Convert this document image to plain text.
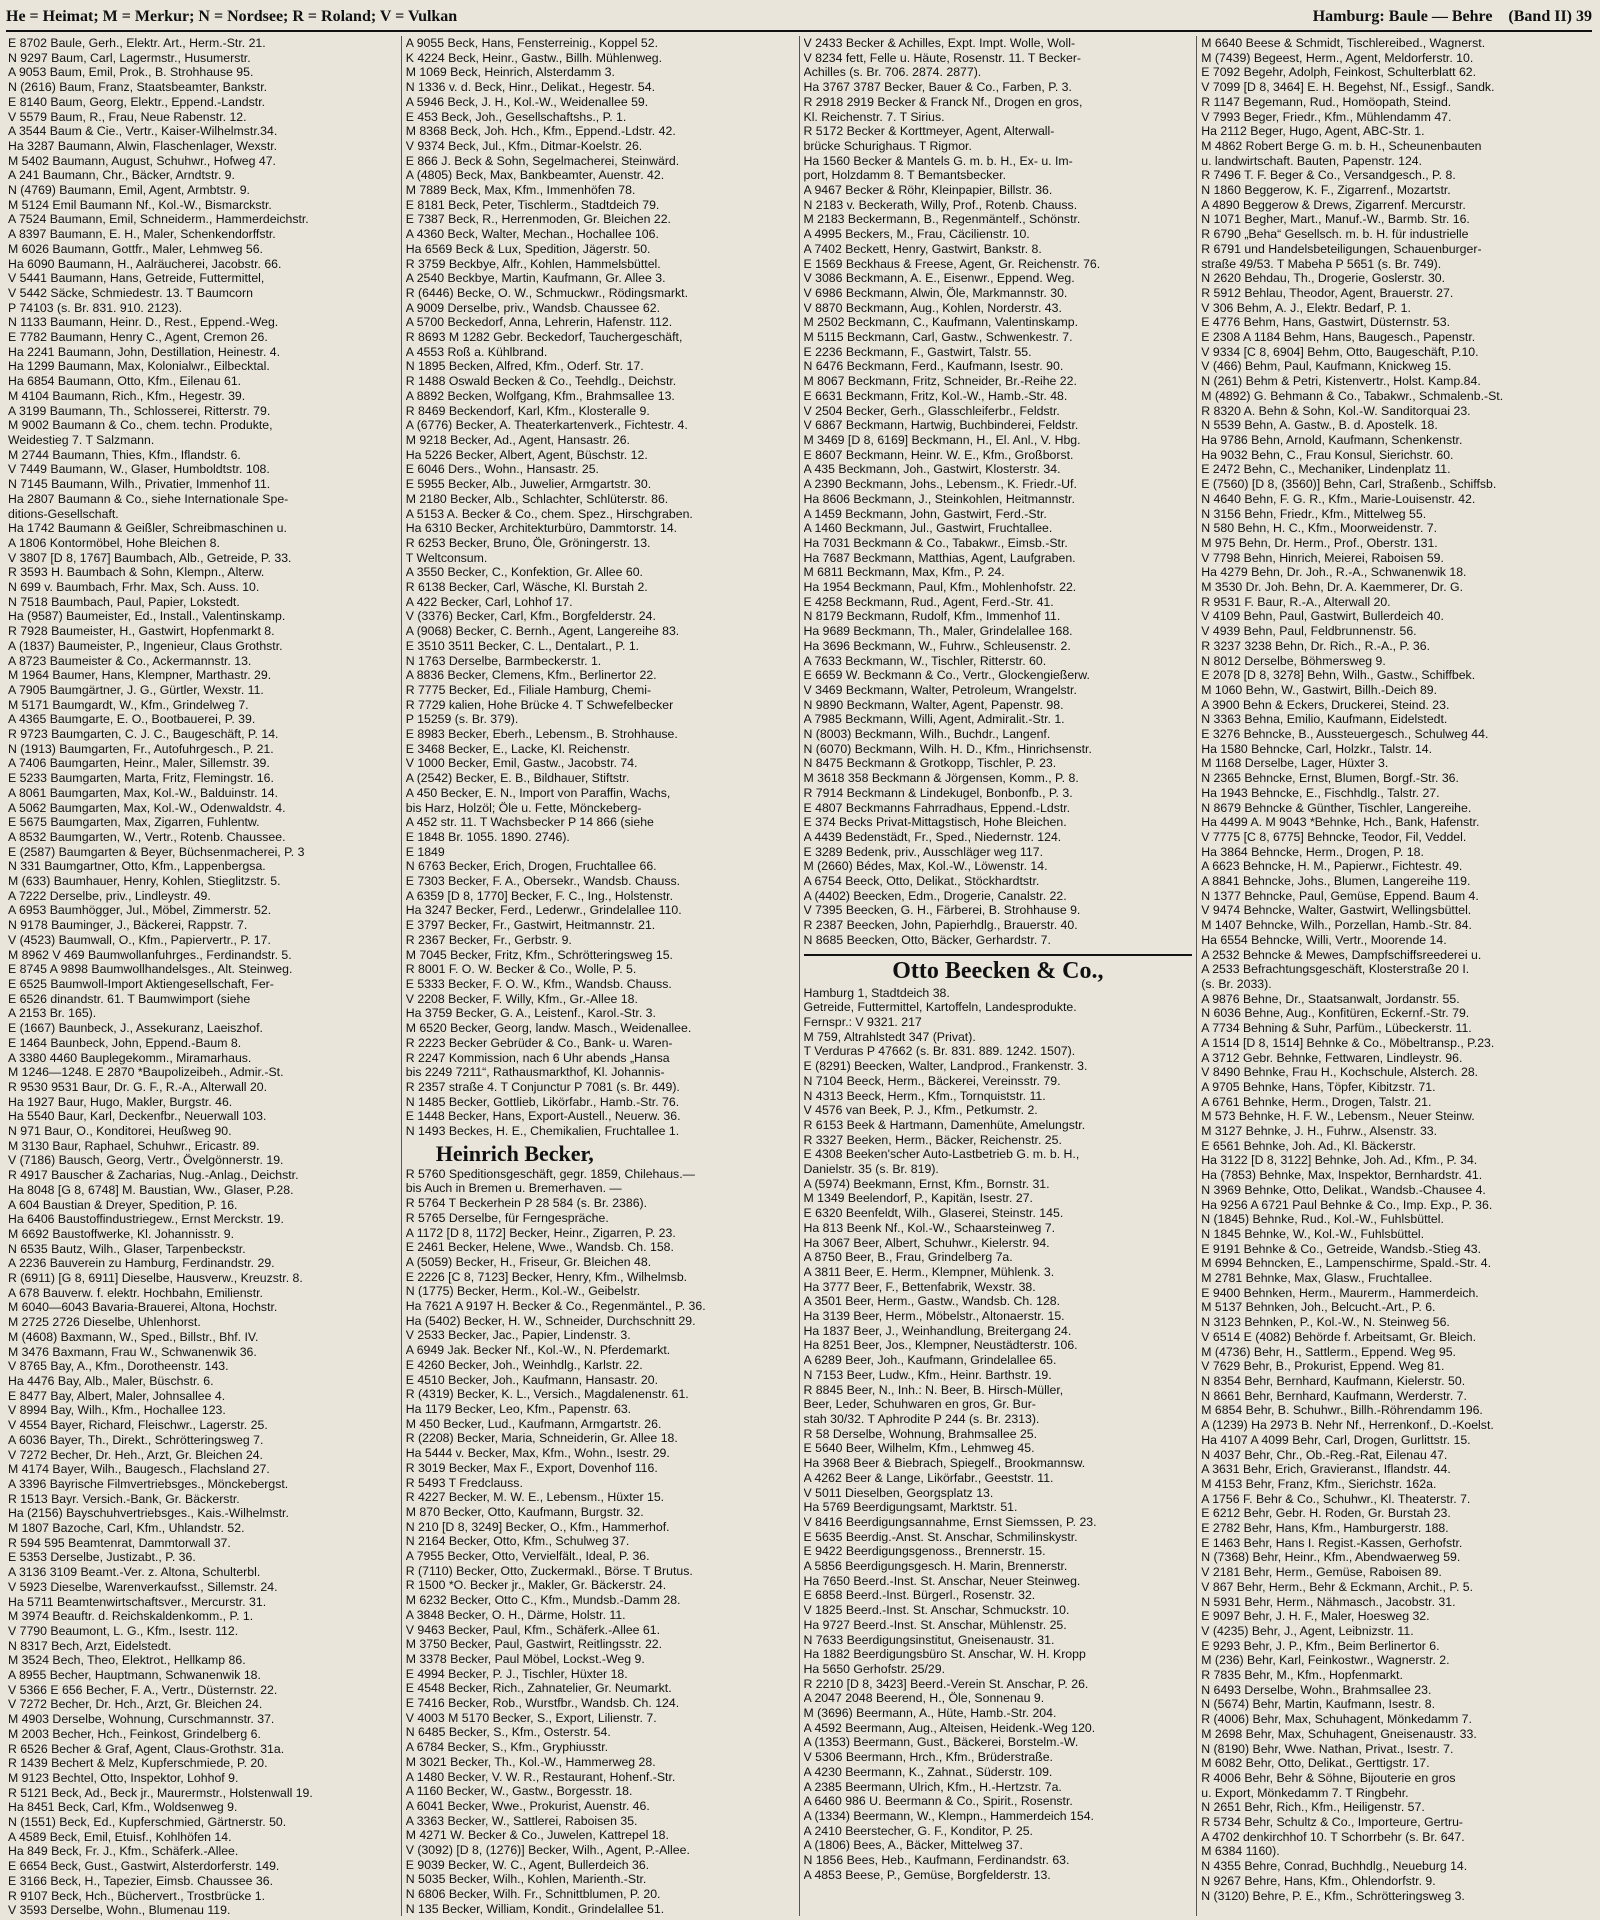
He = Heimat; M = Merkur; N = Nordsee; R = Roland; V = Vulkan	Hamburg: Baule — Behre (Band II) 39
E 8702 Baule, Gerh., Elektr. Art., Herm.-Str. 21.
N 9297 Baum, Carl, Lagermstr., Husumerstr.
A 9053 Baum, Emil, Prok., B. Strohhause 95.
N (2616) Baum, Franz, Staatsbeamter, Bankstr.
E 8140 Baum, Georg, Elektr., Eppend.-Landstr.
V 5579 Baum, R., Frau, Neue Rabenstr. 12.
A 3544 Baum & Cie., Vertr., Kaiser-Wilhelmstr.34.
Ha 3287 Baumann, Alwin, Flaschenlager, Wexstr.
M 5402 Baumann, August, Schuhwr., Hofweg 47.
A 241 Baumann, Chr., Bäcker, Arndtstr. 9.
N (4769) Baumann, Emil, Agent, Armbtstr. 9.
M 5124 Emil Baumann Nf., Kol.-W., Bismarckstr.
A 7524 Baumann, Emil, Schneiderm., Hammerdeichstr.
A 8397 Baumann, E. H., Maler, Schenkendorffstr.
M 6026 Baumann, Gottfr., Maler, Lehmweg 56.
Ha 6090 Baumann, H., Aalräucherei, Jacobstr. 66.
V 5441 Baumann, Hans, Getreide, Futtermittel,
V 5442 Säcke, Schmiedestr. 13. T Baumcorn
P 74103 (s. Br. 831. 910. 2123).
N 1133 Baumann, Heinr. D., Rest., Eppend.-Weg.
E 7782 Baumann, Henry C., Agent, Cremon 26.
Ha 2241 Baumann, John, Destillation, Heinestr. 4.
Ha 1299 Baumann, Max, Kolonialwr., Eilbecktal.
Ha 6854 Baumann, Otto, Kfm., Eilenau 61.
M 4104 Baumann, Rich., Kfm., Hegestr. 39.
A 3199 Baumann, Th., Schlosserei, Ritterstr. 79.
M 9002 Baumann & Co., chem. techn. Produkte,
Weidestieg 7. T Salzmann.
M 2744 Baumann, Thies, Kfm., Iflandstr. 6.
V 7449 Baumann, W., Glaser, Humboldtstr. 108.
N 7145 Baumann, Wilh., Privatier, Immenhof 11.
Ha 2807 Baumann & Co., siehe Internationale Spe-
ditions-Gesellschaft.
Ha 1742 Baumann & Geißler, Schreibmaschinen u.
A 1806 Kontormöbel, Hohe Bleichen 8.
V 3807 [D 8, 1767] Baumbach, Alb., Getreide, P. 33.
R 3593 H. Baumbach & Sohn, Klempn., Alterw.
N 699 v. Baumbach, Frhr. Max, Sch. Auss. 10.
N 7518 Baumbach, Paul, Papier, Lokstedt.
Ha (9587) Baumeister, Ed., Install., Valentinskamp.
R 7928 Baumeister, H., Gastwirt, Hopfenmarkt 8.
A (1837) Baumeister, P., Ingenieur, Claus Grothstr.
A 8723 Baumeister & Co., Ackermannstr. 13.
M 1964 Baumer, Hans, Klempner, Marthastr. 29.
A 7905 Baumgärtner, J. G., Gürtler, Wexstr. 11.
M 5171 Baumgardt, W., Kfm., Grindelweg 7.
A 4365 Baumgarte, E. O., Bootbauerei, P. 39.
R 9723 Baumgarten, C. J. C., Baugeschäft, P. 14.
N (1913) Baumgarten, Fr., Autofuhrgesch., P. 21.
A 7406 Baumgarten, Heinr., Maler, Sillemstr. 39.
E 5233 Baumgarten, Marta, Fritz, Flemingstr. 16.
A 8061 Baumgarten, Max, Kol.-W., Balduinstr. 14.
A 5062 Baumgarten, Max, Kol.-W., Odenwaldstr. 4.
E 5675 Baumgarten, Max, Zigarren, Fuhlentw.
A 8532 Baumgarten, W., Vertr., Rotenb. Chaussee.
E (2587) Baumgarten & Beyer, Büchsenmacherei, P. 3
N 331 Baumgartner, Otto, Kfm., Lappenbergsa.
M (633) Baumhauer, Henry, Kohlen, Stieglitzstr. 5.
A 7222 Derselbe, priv., Lindleystr. 49.
A 6953 Baumhögger, Jul., Möbel, Zimmerstr. 52.
N 9178 Bauminger, J., Bäckerei, Rappstr. 7.
V (4523) Baumwall, O., Kfm., Papiervertr., P. 17.
M 8962 V 469 Baumwollanfuhrges., Ferdinandstr. 5.
E 8745 A 9898 Baumwollhandelsges., Alt. Steinweg.
E 6525 Baumwoll-Import Aktiengesellschaft, Fer-
E 6526 dinandstr. 61. T Baumwimport (siehe
A 2153 Br. 165).
E (1667) Baunbeck, J., Assekuranz, Laeiszhof.
E 1464 Baunbeck, John, Eppend.-Baum 8.
A 3380 4460 Bauplegekomm., Miramarhaus.
M 1246—1248. E 2870 *Baupolizeibeh., Admir.-St.
R 9530 9531 Baur, Dr. G. F., R.-A., Alterwall 20.
Ha 1927 Baur, Hugo, Makler, Burgstr. 46.
Ha 5540 Baur, Karl, Deckenfbr., Neuerwall 103.
N 971 Baur, O., Konditorei, Heußweg 90.
M 3130 Baur, Raphael, Schuhwr., Ericastr. 89.
V (7186) Bausch, Georg, Vertr., Övelgönnerstr. 19.
R 4917 Bauscher & Zacharias, Nug.-Anlag., Deichstr.
Ha 8048 [G 8, 6748] M. Baustian, Ww., Glaser, P.28.
A 604 Baustian & Dreyer, Spedition, P. 16.
Ha 6406 Baustoffindustriegew., Ernst Merckstr. 19.
M 6692 Baustoffwerke, Kl. Johannisstr. 9.
N 6535 Bautz, Wilh., Glaser, Tarpenbeckstr.
A 2236 Bauverein zu Hamburg, Ferdinandstr. 29.
R (6911) [G 8, 6911] Dieselbe, Hausverw., Kreuzstr. 8.
A 678 Bauverw. f. elektr. Hochbahn, Emilienstr.
M 6040—6043 Bavaria-Brauerei, Altona, Hochstr.
M 2725 2726 Dieselbe, Uhlenhorst.
M (4608) Baxmann, W., Sped., Billstr., Bhf. IV.
M 3476 Baxmann, Frau W., Schwanenwik 36.
V 8765 Bay, A., Kfm., Dorotheenstr. 143.
Ha 4476 Bay, Alb., Maler, Büschstr. 6.
E 8477 Bay, Albert, Maler, Johnsallee 4.
V 8994 Bay, Wilh., Kfm., Hochallee 123.
V 4554 Bayer, Richard, Fleischwr., Lagerstr. 25.
A 6036 Bayer, Th., Direkt., Schrötteringsweg 7.
V 7272 Becher, Dr. Heh., Arzt, Gr. Bleichen 24.
M 4174 Bayer, Wilh., Baugesch., Flachsland 27.
A 3396 Bayrische Filmvertriebsges., Mönckebergst.
R 1513 Bayr. Versich.-Bank, Gr. Bäckerstr.
Ha (2156) Bayschuhvertriebsges., Kais.-Wilhelmstr.
M 1807 Bazoche, Carl, Kfm., Uhlandstr. 52.
R 594 595 Beamtenrat, Dammtorwall 37.
E 5353 Derselbe, Justizabt., P. 36.
A 3136 3109 Beamt.-Ver. z. Altona, Schulterbl.
V 5923 Dieselbe, Warenverkaufsst., Sillemstr. 24.
Ha 5711 Beamtenwirtschaftsver., Mercurstr. 31.
M 3974 Beauftr. d. Reichskaldenkomm., P. 1.
V 7790 Beaumont, L. G., Kfm., Isestr. 112.
N 8317 Bech, Arzt, Eidelstedt.
M 3524 Bech, Theo, Elektrot., Hellkamp 86.
A 8955 Becher, Hauptmann, Schwanenwik 18.
V 5366 E 656 Becher, F. A., Vertr., Düsternstr. 22.
V 7272 Becher, Dr. Hch., Arzt, Gr. Bleichen 24.
M 4903 Derselbe, Wohnung, Curschmannstr. 37.
M 2003 Becher, Hch., Feinkost, Grindelberg 6.
R 6526 Becher & Graf, Agent, Claus-Grothstr. 31a.
R 1439 Bechert & Melz, Kupferschmiede, P. 20.
M 9123 Bechtel, Otto, Inspektor, Lohhof 9.
R 5121 Beck, Ad., Beck jr., Maurermstr., Holstenwall 19.
Ha 8451 Beck, Carl, Kfm., Woldsenweg 9.
N (1551) Beck, Ed., Kupferschmied, Gärtnerstr. 50.
A 4589 Beck, Emil, Etuisf., Kohlhöfen 14.
Ha 849 Beck, Fr. J., Kfm., Schäferk.-Allee.
E 6654 Beck, Gust., Gastwirt, Alsterdorferstr. 149.
E 3166 Beck, H., Tapezier, Eimsb. Chaussee 36.
R 9107 Beck, Hch., Büchervert., Trostbrücke 1.
V 3593 Derselbe, Wohn., Blumenau 119.
A 9055 Beck, Hans, Fensterreinig., Koppel 52.
K 4224 Beck, Heinr., Gastw., Billh. Mühlenweg.
M 1069 Beck, Heinrich, Alsterdamm 3.
N 1336 v. d. Beck, Hinr., Delikat., Hegestr. 54.
A 5946 Beck, J. H., Kol.-W., Weidenallee 59.
E 453 Beck, Joh., Gesellschaftshs., P. 1.
M 8368 Beck, Joh. Hch., Kfm., Eppend.-Ldstr. 42.
V 9374 Beck, Jul., Kfm., Ditmar-Koelstr. 26.
E 866 J. Beck & Sohn, Segelmacherei, Steinwärd.
A (4805) Beck, Max, Bankbeamter, Auenstr. 42.
M 7889 Beck, Max, Kfm., Immenhöfen 78.
E 8181 Beck, Peter, Tischlerm., Stadtdeich 79.
E 7387 Beck, R., Herrenmoden, Gr. Bleichen 22.
A 4360 Beck, Walter, Mechan., Hochallee 106.
Ha 6569 Beck & Lux, Spedition, Jägerstr. 50.
R 3759 Beckbye, Alfr., Kohlen, Hammelsbüttel.
A 2540 Beckbye, Martin, Kaufmann, Gr. Allee 3.
R (6446) Becke, O. W., Schmuckwr., Rödingsmarkt.
A 9009 Derselbe, priv., Wandsb. Chaussee 62.
A 5700 Beckedorf, Anna, Lehrerin, Hafenstr. 112.
R 8693 M 1282 Gebr. Beckedorf, Tauchergeschäft,
A 4553 Roß a. Kühlbrand.
N 1895 Becken, Alfred, Kfm., Oderf. Str. 17.
R 1488 Oswald Becken & Co., Teehdlg., Deichstr.
A 8892 Becken, Wolfgang, Kfm., Brahmsallee 13.
R 8469 Beckendorf, Karl, Kfm., Klosteralle 9.
A (6776) Becker, A. Theaterkartenverk., Fichtestr. 4.
M 9218 Becker, Ad., Agent, Hansastr. 26.
Ha 5226 Becker, Albert, Agent, Büschstr. 12.
E 6046 Ders., Wohn., Hansastr. 25.
E 5955 Becker, Alb., Juwelier, Armgartstr. 30.
M 2180 Becker, Alb., Schlachter, Schlüterstr. 86.
A 5153 A. Becker & Co., chem. Spez., Hirschgraben.
Ha 6310 Becker, Architekturbüro, Dammtorstr. 14.
R 6253 Becker, Bruno, Öle, Gröningerstr. 13.
T Weltconsum.
A 3550 Becker, C., Konfektion, Gr. Allee 60.
R 6138 Becker, Carl, Wäsche, Kl. Burstah 2.
A 422 Becker, Carl, Lohhof 17.
V (3376) Becker, Carl, Kfm., Borgfelderstr. 24.
A (9068) Becker, C. Bernh., Agent, Langereihe 83.
E 3510 3511 Becker, C. L., Dentalart., P. 1.
N 1763 Derselbe, Barmbeckerstr. 1.
A 8836 Becker, Clemens, Kfm., Berlinertor 22.
R 7775 Becker, Ed., Filiale Hamburg, Chemi-
R 7729 kalien, Hohe Brücke 4. T Schwefelbecker
P 15259 (s. Br. 379).
E 8983 Becker, Eberh., Lebensm., B. Strohhause.
E 3468 Becker, E., Lacke, Kl. Reichenstr.
V 1000 Becker, Emil, Gastw., Jacobstr. 74.
A (2542) Becker, E. B., Bildhauer, Stiftstr.
A 450 Becker, E. N., Import von Paraffin, Wachs,
bis Harz, Holzöl; Öle u. Fette, Mönckeberg-
A 452 str. 11. T Wachsbecker P 14 866 (siehe
E 1848 Br. 1055. 1890. 2746).
E 1849
N 6763 Becker, Erich, Drogen, Fruchtallee 66.
E 7303 Becker, F. A., Obersekr., Wandsb. Chauss.
A 6359 [D 8, 1770] Becker, F. C., Ing., Holstenstr.
Ha 3247 Becker, Ferd., Lederwr., Grindelallee 110.
E 3797 Becker, Fr., Gastwirt, Heitmannstr. 21.
R 2367 Becker, Fr., Gerbstr. 9.
M 7045 Becker, Fritz, Kfm., Schrötteringsweg 15.
R 8001 F. O. W. Becker & Co., Wolle, P. 5.
E 5333 Becker, F. O. W., Kfm., Wandsb. Chauss.
V 2208 Becker, F. Willy, Kfm., Gr.-Allee 18.
Ha 3759 Becker, G. A., Leistenf., Karol.-Str. 3.
M 6520 Becker, Georg, landw. Masch., Weidenallee.
R 2223 Becker Gebrüder & Co., Bank- u. Waren-
R 2247 Kommission, nach 6 Uhr abends „Hansa
bis 2249 7211“, Rathausmarkthof, Kl. Johannis-
R 2357 straße 4. T Conjunctur P 7081 (s. Br. 449).
N 1485 Becker, Gottlieb, Likörfabr., Hamb.-Str. 76.
E 1448 Becker, Hans, Export-Austell., Neuerw. 36.
N 1493 Beckes, H. E., Chemikalien, Fruchtallee 1.
Heinrich Becker,
R 5760 Speditionsgeschäft, gegr. 1859, Chilehaus.—
bis Auch in Bremen u. Bremerhaven. —
R 5764 T Beckerhein P 28 584 (s. Br. 2386).
R 5765 Derselbe, für Ferngespräche.
A 1172 [D 8, 1172] Becker, Heinr., Zigarren, P. 23.
E 2461 Becker, Helene, Wwe., Wandsb. Ch. 158.
A (5059) Becker, H., Friseur, Gr. Bleichen 48.
E 2226 [C 8, 7123] Becker, Henry, Kfm., Wilhelmsb.
N (1775) Becker, Herm., Kol.-W., Geibelstr.
Ha 7621 A 9197 H. Becker & Co., Regenmäntel., P. 36.
Ha (5402) Becker, H. W., Schneider, Durchschnitt 29.
V 2533 Becker, Jac., Papier, Lindenstr. 3.
A 6949 Jak. Becker Nf., Kol.-W., N. Pferdemarkt.
E 4260 Becker, Joh., Weinhdlg., Karlstr. 22.
E 4510 Becker, Joh., Kaufmann, Hansastr. 20.
R (4319) Becker, K. L., Versich., Magdalenenstr. 61.
Ha 1179 Becker, Leo, Kfm., Papenstr. 63.
M 450 Becker, Lud., Kaufmann, Armgartstr. 26.
R (2208) Becker, Maria, Schneiderin, Gr. Allee 18.
Ha 5444 v. Becker, Max, Kfm., Wohn., Isestr. 29.
R 3019 Becker, Max F., Export, Dovenhof 116.
R 5493 T Fredclauss.
R 4227 Becker, M. W. E., Lebensm., Hüxter 15.
M 870 Becker, Otto, Kaufmann, Burgstr. 32.
N 210 [D 8, 3249] Becker, O., Kfm., Hammerhof.
N 2164 Becker, Otto, Kfm., Schulweg 37.
A 7955 Becker, Otto, Vervielfält., Ideal, P. 36.
R (7110) Becker, Otto, Zuckermakl., Börse. T Brutus.
R 1500 *O. Becker jr., Makler, Gr. Bäckerstr. 24.
M 6232 Becker, Otto C., Kfm., Mundsb.-Damm 28.
A 3848 Becker, O. H., Därme, Holstr. 11.
V 9463 Becker, Paul, Kfm., Schäferk.-Allee 61.
M 3750 Becker, Paul, Gastwirt, Reitlingsstr. 22.
M 3378 Becker, Paul Möbel, Lockst.-Weg 9.
E 4994 Becker, P. J., Tischler, Hüxter 18.
E 4548 Becker, Rich., Zahnatelier, Gr. Neumarkt.
E 7416 Becker, Rob., Wurstfbr., Wandsb. Ch. 124.
V 4003 M 5170 Becker, S., Export, Lilienstr. 7.
N 6485 Becker, S., Kfm., Osterstr. 54.
A 6784 Becker, S., Kfm., Gryphiusstr.
M 3021 Becker, Th., Kol.-W., Hammerweg 28.
A 1480 Becker, V. W. R., Restaurant, Hohenf.-Str.
A 1160 Becker, W., Gastw., Borgesstr. 18.
A 6041 Becker, Wwe., Prokurist, Auenstr. 46.
A 3363 Becker, W., Sattlerei, Raboisen 35.
M 4271 W. Becker & Co., Juwelen, Kattrepel 18.
V (3092) [D 8, (1276)] Becker, Wilh., Agent, P.-Allee.
E 9039 Becker, W. C., Agent, Bullerdeich 36.
N 5035 Becker, Wilh., Kohlen, Marienth.-Str.
N 6806 Becker, Wilh. Fr., Schnittblumen, P. 20.
N 135 Becker, William, Kondit., Grindelallee 51.
V 2433 Becker & Achilles, Expt. Impt. Wolle, Woll-
V 8234 fett, Felle u. Häute, Rosenstr. 11. T Becker-
Achilles (s. Br. 706. 2874. 2877).
Ha 3767 3787 Becker, Bauer & Co., Farben, P. 3.
R 2918 2919 Becker & Franck Nf., Drogen en gros,
Kl. Reichenstr. 7. T Sirius.
R 5172 Becker & Korttmeyer, Agent, Alterwall-
brücke Schurighaus. T Rigmor.
Ha 1560 Becker & Mantels G. m. b. H., Ex- u. Im-
port, Holzdamm 8. T Bemantsbecker.
A 9467 Becker & Röhr, Kleinpapier, Billstr. 36.
N 2183 v. Beckerath, Willy, Prof., Rotenb. Chauss.
M 2183 Beckermann, B., Regenmäntelf., Schönstr.
A 4995 Beckers, M., Frau, Cäcilienstr. 10.
A 7402 Beckett, Henry, Gastwirt, Bankstr. 8.
E 1569 Beckhaus & Freese, Agent, Gr. Reichenstr. 76.
V 3086 Beckmann, A. E., Eisenwr., Eppend. Weg.
V 6986 Beckmann, Alwin, Öle, Markmannstr. 30.
V 8870 Beckmann, Aug., Kohlen, Norderstr. 43.
M 2502 Beckmann, C., Kaufmann, Valentinskamp.
M 5115 Beckmann, Carl, Gastw., Schwenkestr. 7.
E 2236 Beckmann, F., Gastwirt, Talstr. 55.
N 6476 Beckmann, Ferd., Kaufmann, Isestr. 90.
M 8067 Beckmann, Fritz, Schneider, Br.-Reihe 22.
E 6631 Beckmann, Fritz, Kol.-W., Hamb.-Str. 48.
V 2504 Becker, Gerh., Glasschleiferbr., Feldstr.
V 6867 Beckmann, Hartwig, Buchbinderei, Feldstr.
M 3469 [D 8, 6169] Beckmann, H., El. Anl., V. Hbg.
E 8607 Beckmann, Heinr. W. E., Kfm., Großborst.
A 435 Beckmann, Joh., Gastwirt, Klosterstr. 34.
A 2390 Beckmann, Johs., Lebensm., K. Friedr.-Uf.
Ha 8606 Beckmann, J., Steinkohlen, Heitmannstr.
A 1459 Beckmann, John, Gastwirt, Ferd.-Str.
A 1460 Beckmann, Jul., Gastwirt, Fruchtallee.
Ha 7031 Beckmann & Co., Tabakwr., Eimsb.-Str.
Ha 7687 Beckmann, Matthias, Agent, Laufgraben.
M 6811 Beckmann, Max, Kfm., P. 24.
Ha 1954 Beckmann, Paul, Kfm., Mohlenhofstr. 22.
E 4258 Beckmann, Rud., Agent, Ferd.-Str. 41.
N 8179 Beckmann, Rudolf, Kfm., Immenhof 11.
Ha 9689 Beckmann, Th., Maler, Grindelallee 168.
Ha 3696 Beckmann, W., Fuhrw., Schleusenstr. 2.
A 7633 Beckmann, W., Tischler, Ritterstr. 60.
E 6659 W. Beckmann & Co., Vertr., Glockengießerw.
V 3469 Beckmann, Walter, Petroleum, Wrangelstr.
N 9890 Beckmann, Walter, Agent, Papenstr. 98.
A 7985 Beckmann, Willi, Agent, Admiralit.-Str. 1.
N (8003) Beckmann, Wilh., Buchdr., Langenf.
N (6070) Beckmann, Wilh. H. D., Kfm., Hinrichsenstr.
N 8475 Beckmann & Grotkopp, Tischler, P. 23.
M 3618 358 Beckmann & Jörgensen, Komm., P. 8.
R 7914 Beckmann & Lindekugel, Bonbonfb., P. 3.
E 4807 Beckmanns Fahrradhaus, Eppend.-Ldstr.
E 374 Becks Privat-Mittagstisch, Hohe Bleichen.
A 4439 Bedenstädt, Fr., Sped., Niedernstr. 124.
E 3289 Bedenk, priv., Ausschläger weg 117.
M (2660) Bédes, Max, Kol.-W., Löwenstr. 14.
A 6754 Beeck, Otto, Delikat., Stöckhardtstr.
A (4402) Beecken, Edm., Drogerie, Canalstr. 22.
V 7395 Beecken, G. H., Färberei, B. Strohhause 9.
R 2387 Beecken, John, Papierhdlg., Brauerstr. 40.
N 8685 Beecken, Otto, Bäcker, Gerhardstr. 7.
Otto Beecken & Co.,
Hamburg 1, Stadtdeich 38.
Getreide, Futtermittel, Kartoffeln, Landesprodukte.
Fernspr.: V 9321. 217
M 759, Altrahlstedt 347 (Privat).
T Verduras P 47662 (s. Br. 831. 889. 1242. 1507).
E (8291) Beecken, Walter, Landprod., Frankenstr. 3.
N 7104 Beeck, Herm., Bäckerei, Vereinsstr. 79.
N 4313 Beeck, Herm., Kfm., Tornquiststr. 11.
V 4576 van Beek, P. J., Kfm., Petkumstr. 2.
R 6153 Beek & Hartmann, Damenhüte, Amelungstr.
R 3327 Beeken, Herm., Bäcker, Reichenstr. 25.
E 4308 Beeken'scher Auto-Lastbetrieb G. m. b. H.,
Danielstr. 35 (s. Br. 819).
A (5974) Beekmann, Ernst, Kfm., Bornstr. 31.
M 1349 Beelendorf, P., Kapitän, Isestr. 27.
E 6320 Beenfeldt, Wilh., Glaserei, Steinstr. 145.
Ha 813 Beenk Nf., Kol.-W., Schaarsteinweg 7.
Ha 3067 Beer, Albert, Schuhwr., Kielerstr. 94.
A 8750 Beer, B., Frau, Grindelberg 7a.
A 3811 Beer, E. Herm., Klempner, Mühlenk. 3.
Ha 3777 Beer, F., Bettenfabrik, Wexstr. 38.
A 3501 Beer, Herm., Gastw., Wandsb. Ch. 128.
Ha 3139 Beer, Herm., Möbelstr., Altonaerstr. 15.
Ha 1837 Beer, J., Weinhandlung, Breitergang 24.
Ha 8251 Beer, Jos., Klempner, Neustädterstr. 106.
A 6289 Beer, Joh., Kaufmann, Grindelallee 65.
N 7153 Beer, Ludw., Kfm., Heinr. Barthstr. 19.
R 8845 Beer, N., Inh.: N. Beer, B. Hirsch-Müller,
Beer, Leder, Schuhwaren en gros, Gr. Bur-
stah 30/32. T Aphrodite P 244 (s. Br. 2313).
R 58 Derselbe, Wohnung, Brahmsallee 25.
E 5640 Beer, Wilhelm, Kfm., Lehmweg 45.
Ha 3968 Beer & Biebrach, Spiegelf., Brookmannsw.
A 4262 Beer & Lange, Likörfabr., Geeststr. 11.
V 5011 Dieselben, Georgsplatz 13.
Ha 5769 Beerdigungsamt, Marktstr. 51.
V 8416 Beerdigungsannahme, Ernst Siemssen, P. 23.
E 5635 Beerdig.-Anst. St. Anschar, Schmilinskystr.
E 9422 Beerdigungsgenoss., Brennerstr. 15.
A 5856 Beerdigungsgesch. H. Marin, Brennerstr.
Ha 7650 Beerd.-Inst. St. Anschar, Neuer Steinweg.
E 6858 Beerd.-Inst. Bürgerl., Rosenstr. 32.
V 1825 Beerd.-Inst. St. Anschar, Schmuckstr. 10.
Ha 9727 Beerd.-Inst. St. Anschar, Mühlenstr. 25.
N 7633 Beerdigungsinstitut, Gneisenaustr. 31.
Ha 1882 Beerdigungsbüro St. Anschar, W. H. Kropp
Ha 5650 Gerhofstr. 25/29.
R 2210 [D 8, 3423] Beerd.-Verein St. Anschar, P. 26.
A 2047 2048 Beerend, H., Öle, Sonnenau 9.
M (3696) Beermann, A., Hüte, Hamb.-Str. 204.
A 4592 Beermann, Aug., Alteisen, Heidenk.-Weg 120.
A (1353) Beermann, Gust., Bäckerei, Borstelm.-W.
V 5306 Beermann, Hrch., Kfm., Brüderstraße.
A 4230 Beermann, K., Zahnat., Süderstr. 109.
A 2385 Beermann, Ulrich, Kfm., H.-Hertzstr. 7a.
A 6460 986 U. Beermann & Co., Spirit., Rosenstr.
A (1334) Beermann, W., Klempn., Hammerdeich 154.
A 2410 Beerstecher, G. F., Konditor, P. 25.
A (1806) Bees, A., Bäcker, Mittelweg 37.
N 1856 Bees, Heb., Kaufmann, Ferdinandstr. 63.
A 4853 Beese, P., Gemüse, Borgfelderstr. 13.
M 6640 Beese & Schmidt, Tischlereibed., Wagnerst.
M (7439) Begeest, Herm., Agent, Meldorferstr. 10.
E 7092 Begehr, Adolph, Feinkost, Schulterblatt 62.
V 7099 [D 8, 3464] E. H. Begehst, Nf., Essigf., Sandk.
R 1147 Begemann, Rud., Homöopath, Steind.
V 7993 Beger, Friedr., Kfm., Mühlendamm 47.
Ha 2112 Beger, Hugo, Agent, ABC-Str. 1.
M 4862 Robert Berge G. m. b. H., Scheunenbauten
u. landwirtschaft. Bauten, Papenstr. 124.
R 7496 T. F. Beger & Co., Versandgesch., P. 8.
N 1860 Beggerow, K. F., Zigarrenf., Mozartstr.
A 4890 Beggerow & Drews, Zigarrenf. Mercurstr.
N 1071 Begher, Mart., Manuf.-W., Barmb. Str. 16.
R 6790 „Beha“ Gesellsch. m. b. H. für industrielle
R 6791 und Handelsbeteiligungen, Schauenburger-
straße 49/53. T Mabeha P 5651 (s. Br. 749).
N 2620 Behdau, Th., Drogerie, Goslerstr. 30.
R 5912 Behlau, Theodor, Agent, Brauerstr. 27.
V 306 Behm, A. J., Elektr. Bedarf, P. 1.
E 4776 Behm, Hans, Gastwirt, Düsternstr. 53.
E 2308 A 1184 Behm, Hans, Baugesch., Papenstr.
V 9334 [C 8, 6904] Behm, Otto, Baugeschäft, P.10.
V (466) Behm, Paul, Kaufmann, Knickweg 15.
N (261) Behm & Petri, Kistenvertr., Holst. Kamp.84.
M (4892) G. Behmann & Co., Tabakwr., Schmalenb.-St.
R 8320 A. Behn & Sohn, Kol.-W. Sanditorquai 23.
N 5539 Behn, A. Gastw., B. d. Apostelk. 18.
Ha 9786 Behn, Arnold, Kaufmann, Schenkenstr.
Ha 9032 Behn, C., Frau Konsul, Sierichstr. 60.
E 2472 Behn, C., Mechaniker, Lindenplatz 11.
E (7560) [D 8, (3560)] Behn, Carl, Straßenb., Schiffsb.
N 4640 Behn, F. G. R., Kfm., Marie-Louisenstr. 42.
N 3156 Behn, Friedr., Kfm., Mittelweg 55.
N 580 Behn, H. C., Kfm., Moorweidenstr. 7.
M 975 Behn, Dr. Herm., Prof., Oberstr. 131.
V 7798 Behn, Hinrich, Meierei, Raboisen 59.
Ha 4279 Behn, Dr. Joh., R.-A., Schwanenwik 18.
M 3530 Dr. Joh. Behn, Dr. A. Kaemmerer, Dr. G.
R 9531 F. Baur, R.-A., Alterwall 20.
V 4109 Behn, Paul, Gastwirt, Bullerdeich 40.
V 4939 Behn, Paul, Feldbrunnenstr. 56.
R 3237 3238 Behn, Dr. Rich., R.-A., P. 36.
N 8012 Derselbe, Böhmersweg 9.
E 2078 [D 8, 3278] Behn, Wilh., Gastw., Schiffbek.
M 1060 Behn, W., Gastwirt, Billh.-Deich 89.
A 3900 Behn & Eckers, Druckerei, Steind. 23.
N 3363 Behna, Emilio, Kaufmann, Eidelstedt.
E 3276 Behncke, B., Aussteuergesch., Schulweg 44.
Ha 1580 Behncke, Carl, Holzkr., Talstr. 14.
M 1168 Derselbe, Lager, Hüxter 3.
N 2365 Behncke, Ernst, Blumen, Borgf.-Str. 36.
Ha 1943 Behncke, E., Fischhdlg., Talstr. 27.
N 8679 Behncke & Günther, Tischler, Langereihe.
Ha 4499 A. M 9043 *Behnke, Hch., Bank, Hafenstr.
V 7775 [C 8, 6775] Behncke, Teodor, Fil, Veddel.
Ha 3864 Behncke, Herm., Drogen, P. 18.
A 6623 Behncke, H. M., Papierwr., Fichtestr. 49.
A 8841 Behncke, Johs., Blumen, Langereihe 119.
N 1377 Behncke, Paul, Gemüse, Eppend. Baum 4.
V 9474 Behncke, Walter, Gastwirt, Wellingsbüttel.
M 1407 Behncke, Wilh., Porzellan, Hamb.-Str. 84.
Ha 6554 Behncke, Willi, Vertr., Moorende 14.
A 2532 Behncke & Mewes, Dampfschiffsreederei u.
A 2533 Befrachtungsgeschäft, Klosterstraße 20 I.
(s. Br. 2033).
A 9876 Behne, Dr., Staatsanwalt, Jordanstr. 55.
N 6036 Behne, Aug., Konfitüren, Eckernf.-Str. 79.
A 7734 Behning & Suhr, Parfüm., Lübeckerstr. 11.
A 1514 [D 8, 1514] Behnke & Co., Möbeltransp., P.23.
A 3712 Gebr. Behnke, Fettwaren, Lindleystr. 96.
V 8490 Behnke, Frau H., Kochschule, Alsterch. 28.
A 9705 Behnke, Hans, Töpfer, Kibitzstr. 71.
A 6761 Behnke, Herm., Drogen, Talstr. 21.
M 573 Behnke, H. F. W., Lebensm., Neuer Steinw.
M 3127 Behnke, J. H., Fuhrw., Alsenstr. 33.
E 6561 Behnke, Joh. Ad., Kl. Bäckerstr.
Ha 3122 [D 8, 3122] Behnke, Joh. Ad., Kfm., P. 34.
Ha (7853) Behnke, Max, Inspektor, Bernhardstr. 41.
N 3969 Behnke, Otto, Delikat., Wandsb.-Chausee 4.
Ha 9256 A 6721 Paul Behnke & Co., Imp. Exp., P. 36.
N (1845) Behnke, Rud., Kol.-W., Fuhlsbüttel.
N 1845 Behnke, W., Kol.-W., Fuhlsbüttel.
E 9191 Behnke & Co., Getreide, Wandsb.-Stieg 43.
M 6994 Behncken, E., Lampenschirme, Spald.-Str. 4.
M 2781 Behnke, Max, Glasw., Fruchtallee.
E 9400 Behnken, Herm., Maurerm., Hammerdeich.
M 5137 Behnken, Joh., Belcucht.-Art., P. 6.
N 3123 Behnken, P., Kol.-W., N. Steinweg 56.
V 6514 E (4082) Behörde f. Arbeitsamt, Gr. Bleich.
M (4736) Behr, H., Sattlerm., Eppend. Weg 95.
V 7629 Behr, B., Prokurist, Eppend. Weg 81.
N 8354 Behr, Bernhard, Kaufmann, Kielerstr. 50.
N 8661 Behr, Bernhard, Kaufmann, Werderstr. 7.
M 6854 Behr, B. Schuhwr., Billh.-Röhrendamm 196.
A (1239) Ha 2973 B. Nehr Nf., Herrenkonf., D.-Koelst.
Ha 4107 A 4099 Behr, Carl, Drogen, Gurlittstr. 15.
N 4037 Behr, Chr., Ob.-Reg.-Rat, Eilenau 47.
A 3631 Behr, Erich, Gravieranst., Iflandstr. 44.
M 4153 Behr, Franz, Kfm., Sierichstr. 162a.
A 1756 F. Behr & Co., Schuhwr., Kl. Theaterstr. 7.
E 6212 Behr, Gebr. H. Roden, Gr. Burstah 23.
E 2782 Behr, Hans, Kfm., Hamburgerstr. 188.
E 1463 Behr, Hans I. Regist.-Kassen, Gerhofstr.
N (7368) Behr, Heinr., Kfm., Abendwaerweg 59.
V 2181 Behr, Herm., Gemüse, Raboisen 89.
V 867 Behr, Herm., Behr & Eckmann, Archit., P. 5.
N 5931 Behr, Herm., Nähmasch., Jacobstr. 31.
E 9097 Behr, J. H. F., Maler, Hoesweg 32.
V (4235) Behr, J., Agent, Leibnizstr. 11.
E 9293 Behr, J. P., Kfm., Beim Berlinertor 6.
M (236) Behr, Karl, Feinkostwr., Wagnerstr. 2.
R 7835 Behr, M., Kfm., Hopfenmarkt.
N 6493 Derselbe, Wohn., Brahmsallee 23.
N (5674) Behr, Martin, Kaufmann, Isestr. 8.
R (4006) Behr, Max, Schuhagent, Mönkedamm 7.
M 2698 Behr, Max, Schuhagent, Gneisenaustr. 33.
N (8190) Behr, Wwe. Nathan, Privat., Isestr. 7.
M 6082 Behr, Otto, Delikat., Gerttigstr. 17.
R 4006 Behr, Behr & Söhne, Bijouterie en gros
u. Export, Mönkedamm 7. T Ringbehr.
N 2651 Behr, Rich., Kfm., Heiligenstr. 57.
R 5734 Behr, Schultz & Co., Importeure, Gertru-
A 4702 denkirchhof 10. T Schorrbehr (s. Br. 647.
M 6384 1160).
N 4355 Behre, Conrad, Buchhdlg., Neueburg 14.
N 9267 Behre, Hans, Kfm., Ohlendorfstr. 9.
N (3120) Behre, P. E., Kfm., Schrötteringsweg 3.
